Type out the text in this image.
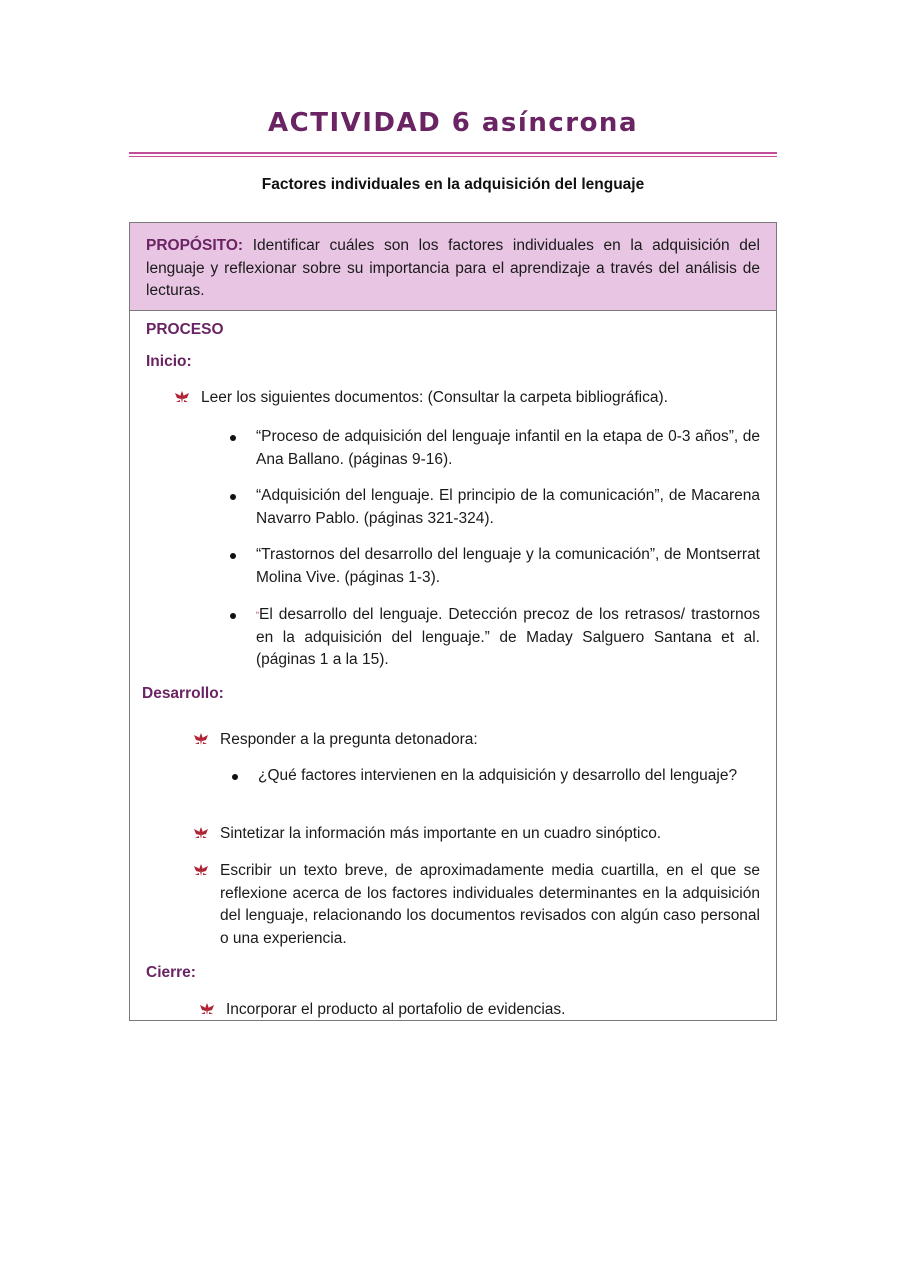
ACTIVIDAD 6 asíncrona
Factores individuales en la adquisición del lenguaje

PROPÓSITO: Identificar cuáles son los factores individuales en la adquisición del lenguaje y reflexionar sobre su importancia para el aprendizaje a través del análisis de lecturas.

PROCESO
Inicio:
Leer los siguientes documentos: (Consultar la carpeta bibliográfica).
“Proceso de adquisición del lenguaje infantil en la etapa de 0-3 años”, de Ana Ballano. (páginas 9-16).
“Adquisición del lenguaje. El principio de la comunicación”, de Macarena Navarro Pablo. (páginas 321-324).
“Trastornos del desarrollo del lenguaje y la comunicación”, de Montserrat Molina Vive. (páginas 1-3).
“El desarrollo del lenguaje. Detección precoz de los retrasos/ trastornos en la adquisición del lenguaje.” de Maday Salguero Santana et al. (páginas 1 a la 15).
Desarrollo:
Responder a la pregunta detonadora:
¿Qué factores intervienen en la adquisición y desarrollo del lenguaje?
Sintetizar la información más importante en un cuadro sinóptico.
Escribir un texto breve, de aproximadamente media cuartilla, en el que se reflexione acerca de los factores individuales determinantes en la adquisición del lenguaje, relacionando los documentos revisados con algún caso personal o una experiencia.
Cierre:
Incorporar el producto al portafolio de evidencias.
